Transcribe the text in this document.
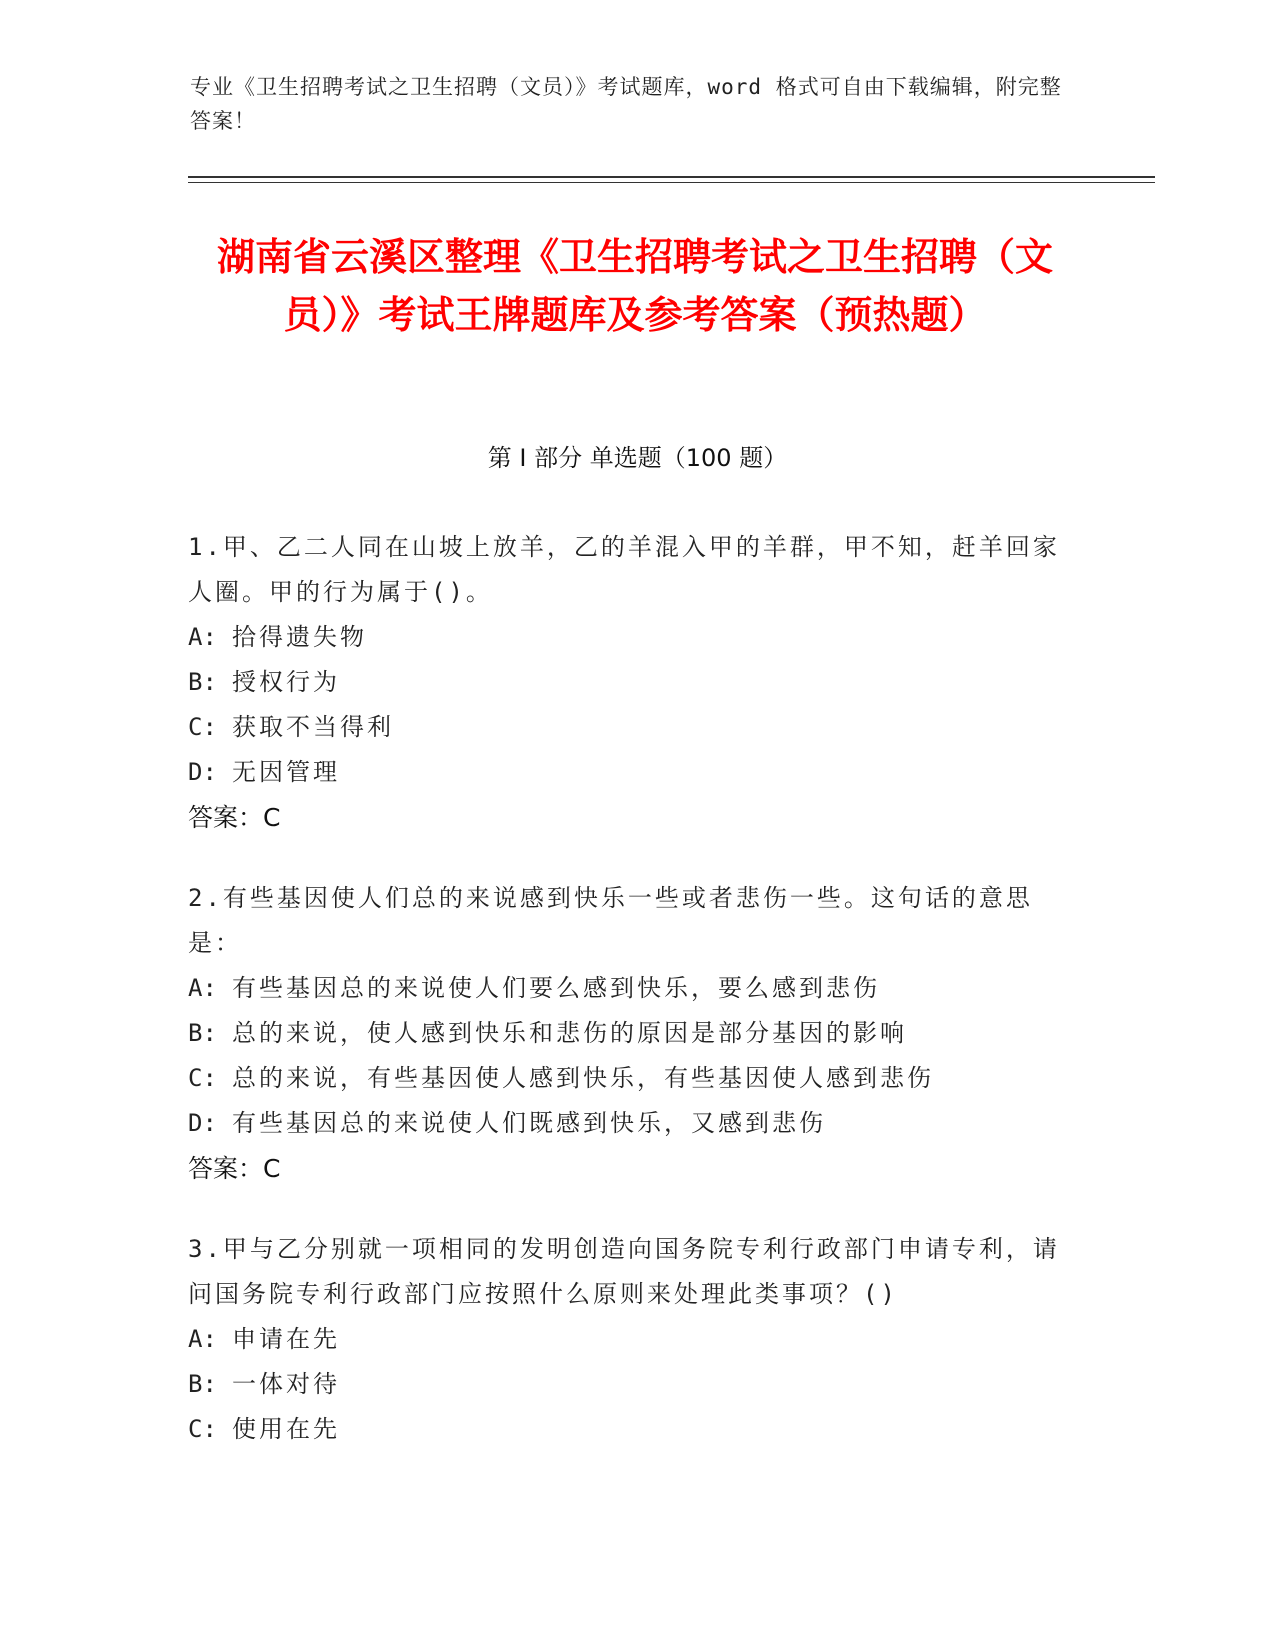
专业《卫生招聘考试之卫生招聘（文员）》考试题库，word 格式可自由下载编辑，附完整答案！
湖南省云溪区整理《卫生招聘考试之卫生招聘（文员）》考试王牌题库及参考答案（预热题）
第 I 部分 单选题（100 题）
1.甲、乙二人同在山坡上放羊，乙的羊混入甲的羊群，甲不知，赶羊回家人圈。甲的行为属于()。
A: 拾得遗失物
B: 授权行为
C: 获取不当得利
D: 无因管理
答案：C
2.有些基因使人们总的来说感到快乐一些或者悲伤一些。这句话的意思是：
A: 有些基因总的来说使人们要么感到快乐，要么感到悲伤
B: 总的来说，使人感到快乐和悲伤的原因是部分基因的影响
C: 总的来说，有些基因使人感到快乐，有些基因使人感到悲伤
D: 有些基因总的来说使人们既感到快乐，又感到悲伤
答案：C
3.甲与乙分别就一项相同的发明创造向国务院专利行政部门申请专利，请问国务院专利行政部门应按照什么原则来处理此类事项？()
A: 申请在先
B: 一体对待
C: 使用在先
